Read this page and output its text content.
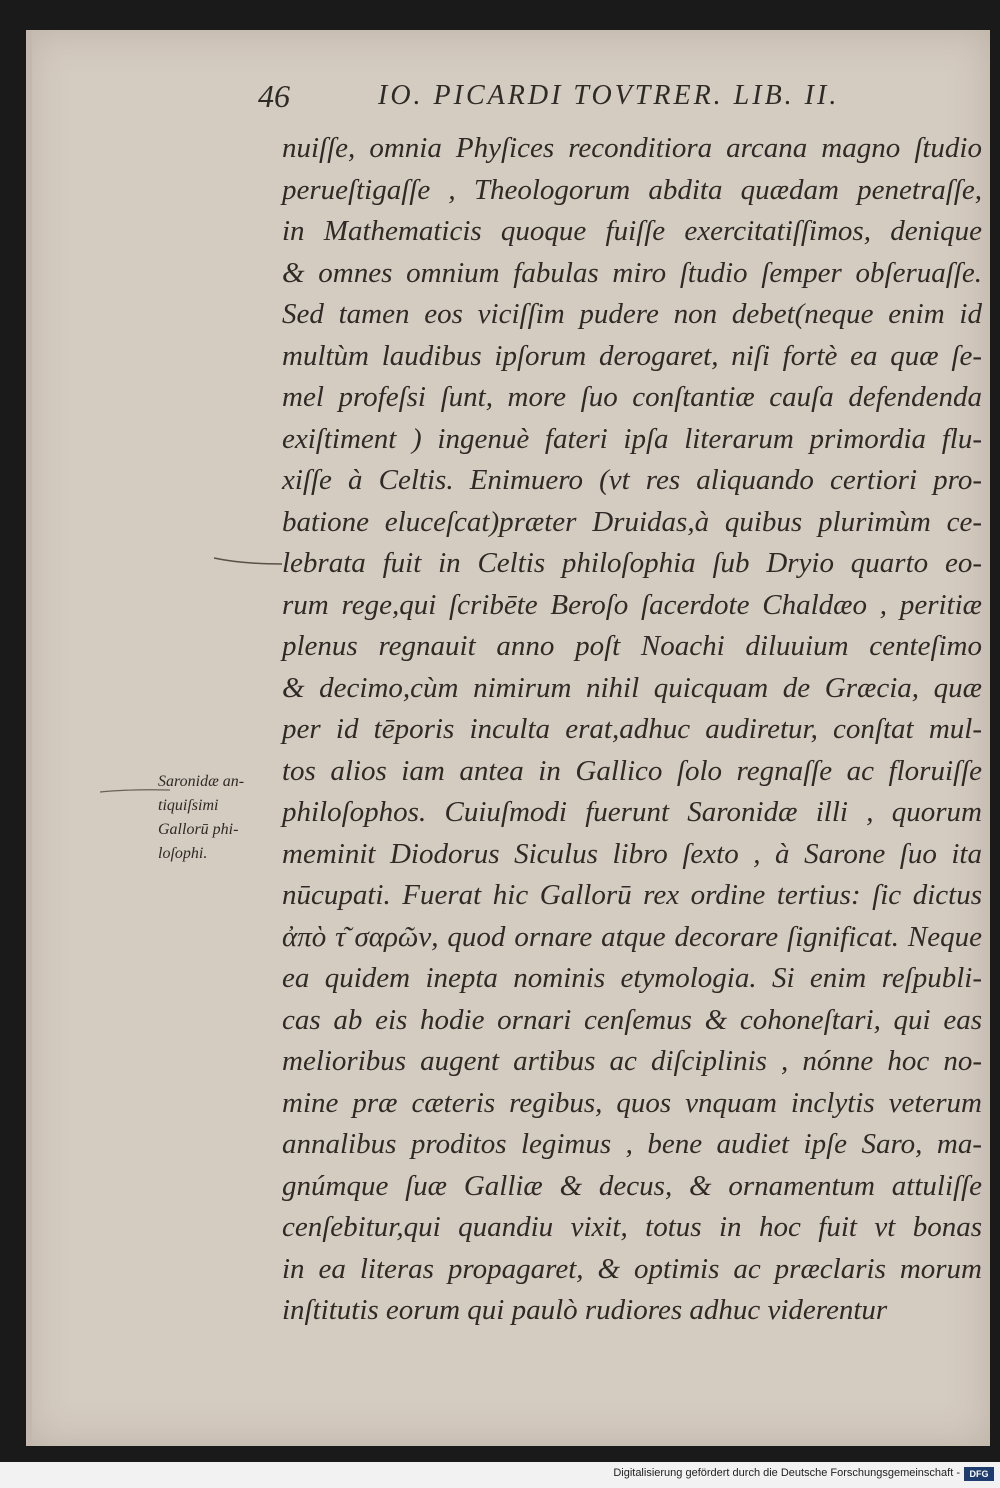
46	IO. PICARDI TOVTRER. LIB. II.
Saronidæ an-
tiquiſsimi
Gallorū phi-
loſophi.
nuiſſe, omnia Phyſices reconditiora arcana magno ſtudio
perueſtigaſſe , Theologorum abdita quædam penetraſſe,
in Mathematicis quoque fuiſſe exercitatiſſimos, denique
& omnes omnium fabulas miro ſtudio ſemper obſeruaſſe.
Sed tamen eos viciſſim pudere non debet(neque enim id
multùm laudibus ipſorum derogaret, niſi fortè ea quæ ſe-
mel profeſsi ſunt, more ſuo conſtantiæ cauſa defendenda
exiſtiment ) ingenuè fateri ipſa literarum primordia flu-
xiſſe à Celtis. Enimuero (vt res aliquando certiori pro-
batione eluceſcat)præter Druidas,à quibus plurimùm ce-
lebrata fuit in Celtis philoſophia ſub Dryio quarto eo-
rum rege,qui ſcribēte Beroſo ſacerdote Chaldæo , peritiæ
plenus regnauit anno poſt Noachi diluuium centeſimo
& decimo,cùm nimirum nihil quicquam de Græcia, quæ
per id tēporis inculta erat,adhuc audiretur, conſtat mul-
tos alios iam antea in Gallico ſolo regnaſſe ac floruiſſe
philoſophos. Cuiuſmodi fuerunt Saronidæ illi , quorum
meminit Diodorus Siculus libro ſexto , à Sarone ſuo ita
nūcupati. Fuerat hic Gallorū rex ordine tertius: ſic dictus
ἀπὸ τ͂ σαρῶν, quod ornare atque decorare ſignificat. Neque
ea quidem inepta nominis etymologia. Si enim reſpubli-
cas ab eis hodie ornari cenſemus & cohoneſtari, qui eas
melioribus augent artibus ac diſciplinis , nónne hoc no-
mine præ cæteris regibus, quos vnquam inclytis veterum
annalibus proditos legimus , bene audiet ipſe Saro, ma-
gnúmque ſuæ Galliæ & decus, & ornamentum attuliſſe
cenſebitur,qui quandiu vixit, totus in hoc fuit vt bonas
in ea literas propagaret, & optimis ac præclaris morum
inſtitutis eorum qui paulò rudiores adhuc viderentur
Digitalisierung gefördert durch die Deutsche Forschungsgemeinschaft -	DFG
